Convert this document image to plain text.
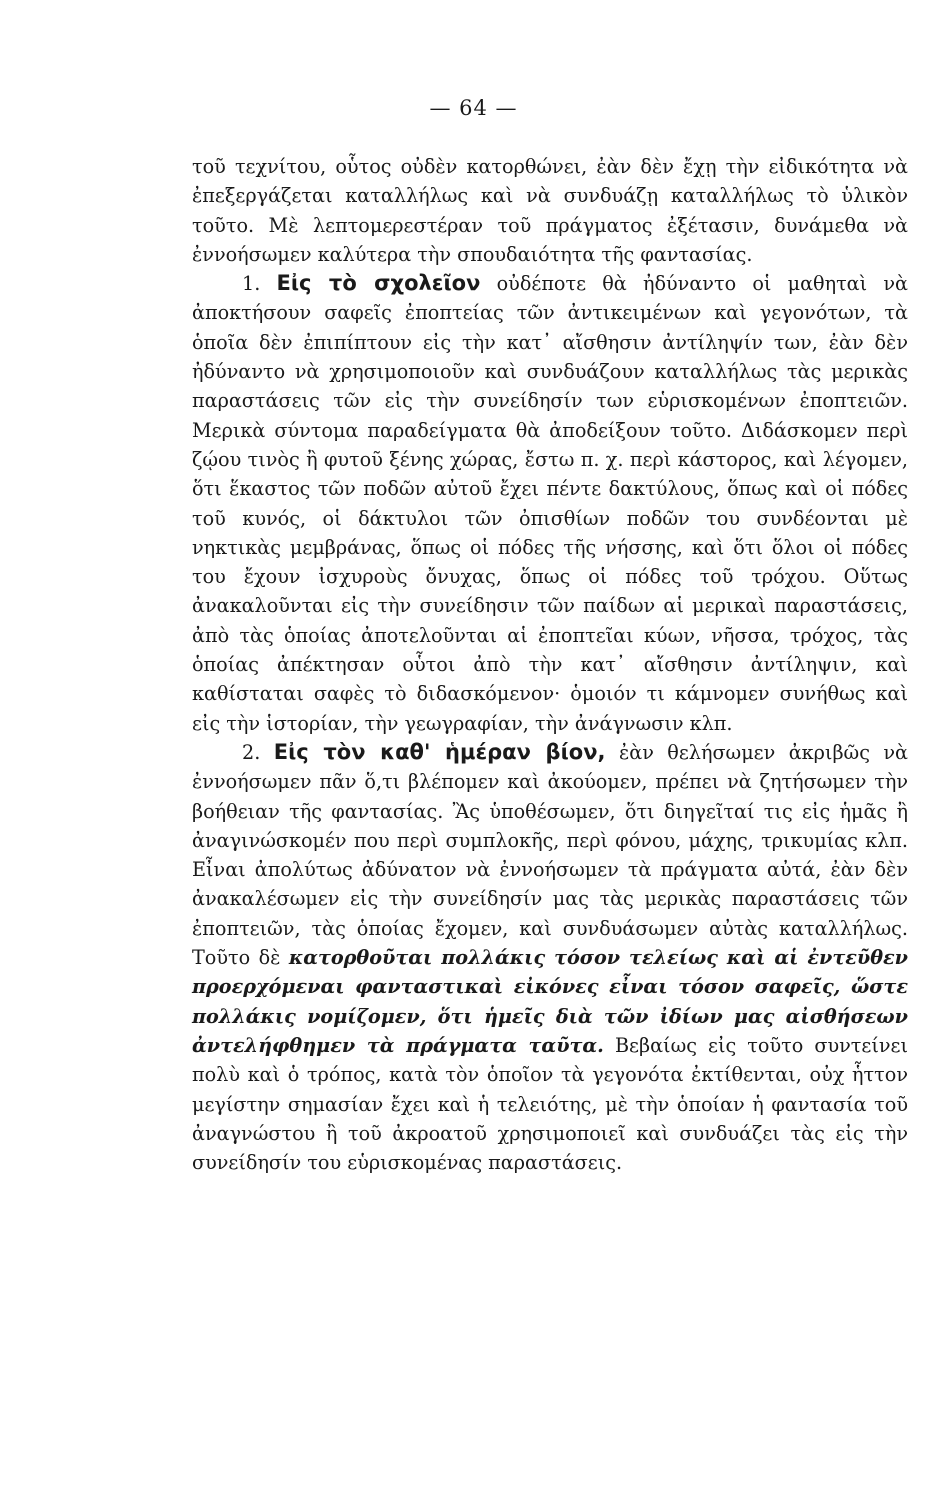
— 64 —

τοῦ τεχνίτου, οὗτος οὐδὲν κατορθώνει, ἐὰν δὲν ἔχῃ τὴν εἰδικότητα νὰ ἐπεξεργάζεται καταλλήλως καὶ νὰ συνδυάζῃ καταλλήλως τὸ ὑλικὸν τοῦτο. Μὲ λεπτομερεστέραν τοῦ πράγματος ἐξέτασιν, δυνάμεθα νὰ ἐννοήσωμεν καλύτερα τὴν σπουδαιότητα τῆς φαντασίας.

1. Εἰς τὸ σχολεῖον οὐδέποτε θὰ ἠδύναντο οἱ μαθηταὶ νὰ ἀποκτήσουν σαφεῖς ἐποπτείας τῶν ἀντικειμένων καὶ γεγονότων, τὰ ὁποῖα δὲν ἐπιπίπτουν εἰς τὴν κατ᾽ αἴσθησιν ἀντίληψίν των, ἐὰν δὲν ἠδύναντο νὰ χρησιμοποιοῦν καὶ συνδυάζουν καταλλήλως τὰς μερικὰς παραστάσεις τῶν εἰς τὴν συνείδησίν των εὑρισκομένων ἐποπτειῶν. Μερικὰ σύντομα παραδείγματα θὰ ἀποδείξουν τοῦτο. Διδάσκομεν περὶ ζῴου τινὸς ἢ φυτοῦ ξένης χώρας, ἔστω π. χ. περὶ κάστορος, καὶ λέγομεν, ὅτι ἕκαστος τῶν ποδῶν αὐτοῦ ἔχει πέντε δακτύλους, ὅπως καὶ οἱ πόδες τοῦ κυνός, οἱ δάκτυλοι τῶν ὀπισθίων ποδῶν του συνδέονται μὲ νηκτικὰς μεμβράνας, ὅπως οἱ πόδες τῆς νήσσης, καὶ ὅτι ὅλοι οἱ πόδες του ἔχουν ἰσχυροὺς ὄνυχας, ὅπως οἱ πόδες τοῦ τρόχου. Οὕτως ἀνακαλοῦνται εἰς τὴν συνείδησιν τῶν παίδων αἱ μερικαὶ παραστάσεις, ἀπὸ τὰς ὁποίας ἀποτελοῦνται αἱ ἐποπτεῖαι κύων, νῆσσα, τρόχος, τὰς ὁποίας ἀπέκτησαν οὗτοι ἀπὸ τὴν κατ᾽ αἴσθησιν ἀντίληψιν, καὶ καθίσταται σαφὲς τὸ διδασκόμενον· ὁμοιόν τι κάμνομεν συνήθως καὶ εἰς τὴν ἱστορίαν, τὴν γεωγραφίαν, τὴν ἀνάγνωσιν κλπ.

2. Εἰς τὸν καθ' ἡμέραν βίον, ἐὰν θελήσωμεν ἀκριβῶς νὰ ἐννοήσωμεν πᾶν ὅ,τι βλέπομεν καὶ ἀκούομεν, πρέπει νὰ ζητήσωμεν τὴν βοήθειαν τῆς φαντασίας. Ἂς ὑποθέσωμεν, ὅτι διηγεῖταί τις εἰς ἡμᾶς ἢ ἀναγινώσκομέν που περὶ συμπλοκῆς, περὶ φόνου, μάχης, τρικυμίας κλπ. Εἶναι ἀπολύτως ἀδύνατον νὰ ἐννοήσωμεν τὰ πράγματα αὐτά, ἐὰν δὲν ἀνακαλέσωμεν εἰς τὴν συνείδησίν μας τὰς μερικὰς παραστάσεις τῶν ἐποπτειῶν, τὰς ὁποίας ἔχομεν, καὶ συνδυάσωμεν αὐτὰς καταλλήλως. Τοῦτο δὲ κατορθοῦται πολλάκις τόσον τελείως καὶ αἱ ἐντεῦθεν προερχόμεναι φανταστικαὶ εἰκόνες εἶναι τόσον σαφεῖς, ὥστε πολλάκις νομίζομεν, ὅτι ἡμεῖς διὰ τῶν ἰδίων μας αἰσθήσεων ἀντελήφθημεν τὰ πράγματα ταῦτα. Βεβαίως εἰς τοῦτο συντείνει πολὺ καὶ ὁ τρόπος, κατὰ τὸν ὁποῖον τὰ γεγονότα ἐκτίθενται, οὐχ ἧττον μεγίστην σημασίαν ἔχει καὶ ἡ τελειότης, μὲ τὴν ὁποίαν ἡ φαντασία τοῦ ἀναγνώστου ἢ τοῦ ἀκροατοῦ χρησιμοποιεῖ καὶ συνδυάζει τὰς εἰς τὴν συνείδησίν του εὑρισκομένας παραστάσεις.
